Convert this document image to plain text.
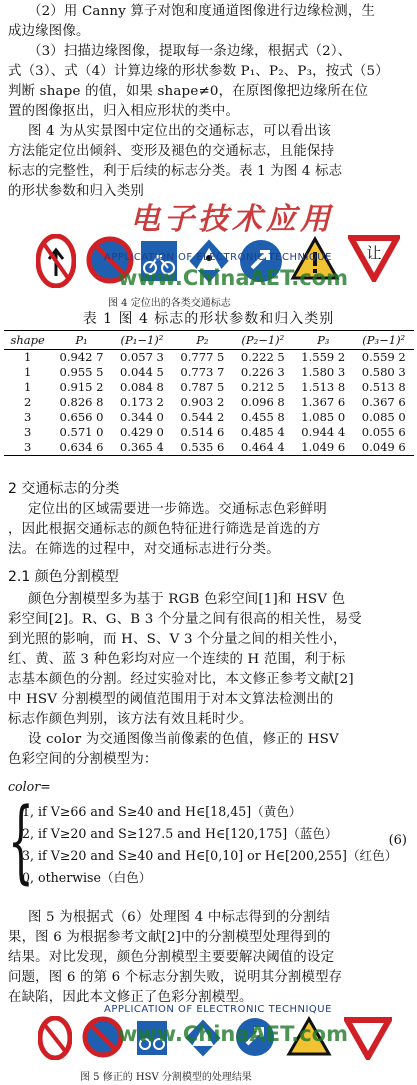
（2）用 Canny 算子对饱和度通道图像进行边缘检测，生
成边缘图像。
（3）扫描边缘图像，提取每一条边缘，根据式（2）、
式（3）、式（4）计算边缘的形状参数 P₁、P₂、P₃，按式（5）
判断 shape 的值，如果 shape≠0，在原图像把边缘所在位
置的图像抠出，归入相应形状的类中。
图 4 为从实景图中定位出的交通标志，可以看出该
方法能定位出倾斜、变形及褪色的交通标志，且能保持
标志的完整性，利于后续的标志分类。表 1 为图 4 标志
的形状参数和归入类别
让
电子技术应用
APPLICATION OF ELECTRONIC TECHNIQUE
www.ChinaAET.com
图 4 定位出的各类交通标志
表 1 图 4 标志的形状参数和归入类别
shape	P₁	(P₁−1)²	P₂	(P₂−1)²	P₃	(P₃−1)²
1	0.942 7	0.057 3	0.777 5	0.222 5	1.559 2	0.559 2
1	0.955 5	0.044 5	0.773 7	0.226 3	1.580 3	0.580 3
1	0.915 2	0.084 8	0.787 5	0.212 5	1.513 8	0.513 8
2	0.826 8	0.173 2	0.903 2	0.096 8	1.367 6	0.367 6
3	0.656 0	0.344 0	0.544 2	0.455 8	1.085 0	0.085 0
3	0.571 0	0.429 0	0.514 6	0.485 4	0.944 4	0.055 6
3	0.634 6	0.365 4	0.535 6	0.464 4	1.049 6	0.049 6
2 交通标志的分类
定位出的区域需要进一步筛选。交通标志色彩鲜明
，因此根据交通标志的颜色特征进行筛选是首选的方
法。在筛选的过程中，对交通标志进行分类。
2.1 颜色分割模型
颜色分割模型多为基于 RGB 色彩空间[1]和 HSV 色
彩空间[2]。R、G、B 3 个分量之间有很高的相关性，易受
到光照的影响，而 H、S、V 3 个分量之间的相关性小，
红、黄、蓝 3 种色彩均对应一个连续的 H 范围，利于标
志基本颜色的分割。经过实验对比，本文修正参考文献[2]
中 HSV 分割模型的阈值范围用于对本文算法检测出的
标志作颜色判别，该方法有效且耗时少。
设 color 为交通图像当前像素的色值，修正的 HSV
色彩空间的分割模型为：
color=
{
1, if V≥66 and S≥40 and H∈[18,45]（黄色）
2, if V≥20 and S≥127.5 and H∈[120,175]（蓝色）
3, if V≥20 and S≥40 and H∈[0,10] or H∈[200,255]（红色）
0, otherwise（白色）
(6)
图 5 为根据式（6）处理图 4 中标志得到的分割结
果，图 6 为根据参考文献[2]中的分割模型处理得到的
结果。对比发现，颜色分割模型主要要解决阈值的设定
问题，图 6 的第 6 个标志分割失败，说明其分割模型存
在缺陷，因此本文修正了色彩分割模型。
APPLICATION OF ELECTRONIC TECHNIQUE
www.ChinaAET.com
图 5 修正的 HSV 分割模型的处理结果
